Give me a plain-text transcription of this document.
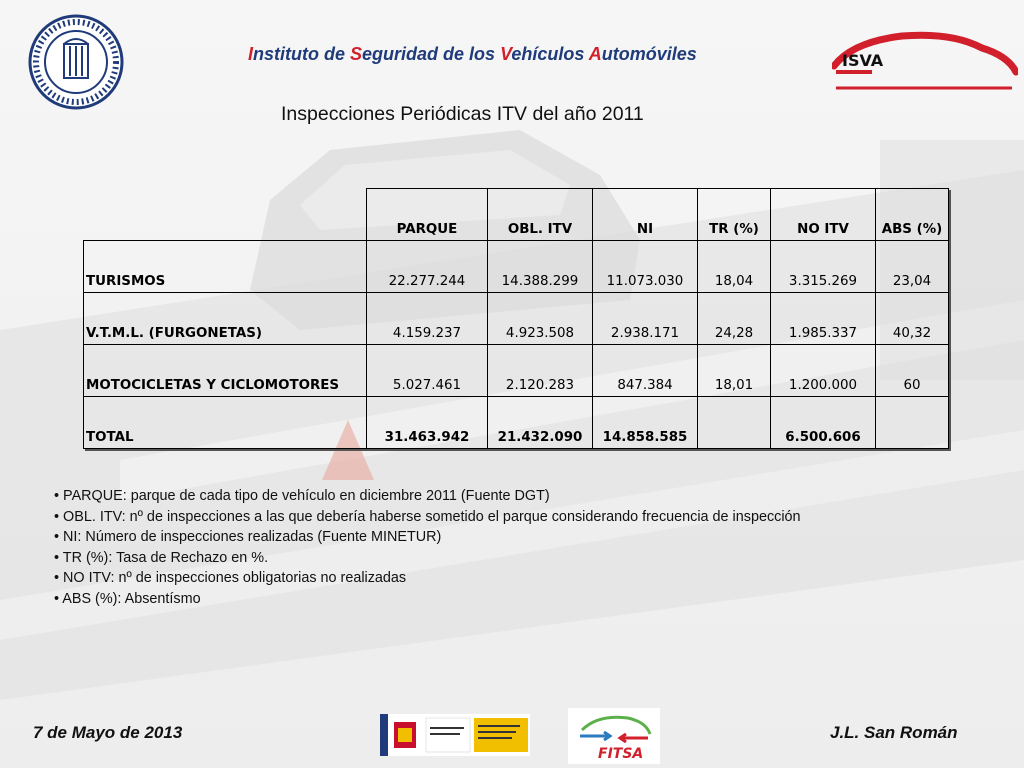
ISVA
Instituto de Seguridad de los Vehículos Automóviles
Inspecciones Periódicas ITV del año 2011
	PARQUE	OBL. ITV	NI	TR (%)	NO ITV	ABS (%)
TURISMOS	22.277.244	14.388.299	11.073.030	18,04	3.315.269	23,04
V.T.M.L. (FURGONETAS)	4.159.237	4.923.508	2.938.171	24,28	1.985.337	40,32
MOTOCICLETAS Y CICLOMOTORES	5.027.461	2.120.283	847.384	18,01	1.200.000	60
TOTAL	31.463.942	21.432.090	14.858.585		6.500.606	
• PARQUE: parque de cada tipo de vehículo en diciembre 2011 (Fuente DGT)
• OBL. ITV: nº de inspecciones a las que debería haberse sometido el parque considerando frecuencia de inspección
• NI: Número de inspecciones realizadas (Fuente MINETUR)
• TR (%): Tasa de Rechazo en %.
• NO ITV: nº de inspecciones obligatorias no realizadas
• ABS (%): Absentísmo
7 de Mayo de 2013
FITSA
J.L. San Román
